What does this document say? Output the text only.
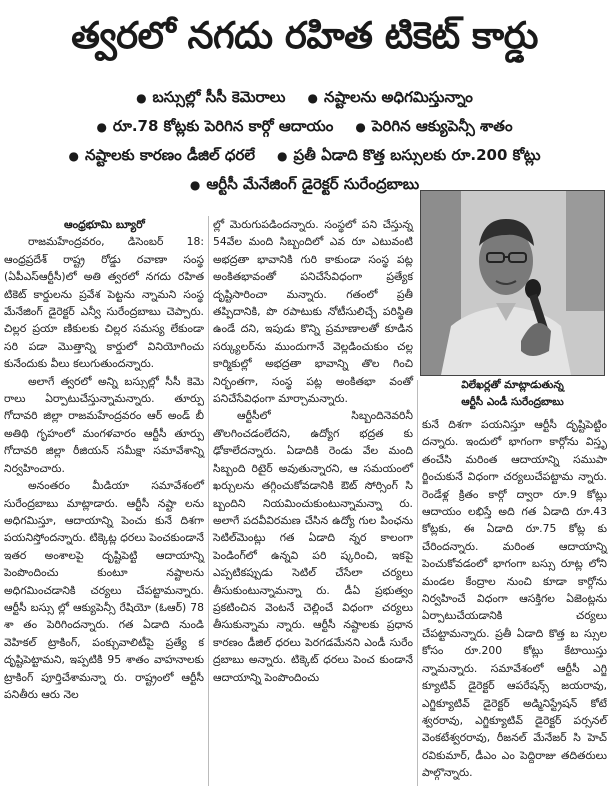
త్వరలో నగదు రహిత టికెట్ కార్డు
● బస్సుల్లో సీసీ కెమెరాలు	● నష్టాలను అధిగమిస్తున్నాం
● రూ.78 కోట్లకు పెరిగిన కార్గో ఆదాయం	● పెరిగిన ఆక్యుపెన్సీ శాతం
● నష్టాలకు కారణం డీజిల్ ధరలే	● ప్రతీ ఏడాది కొత్త బస్సులకు రూ.200 కోట్లు
● ఆర్టీసీ మేనేజింగ్ డైరెక్టర్ సురేంద్రబాబు

ఆంధ్రభూమి బ్యూరో

రాజమహేంద్రవరం, డిసెంబర్ 18: ఆంధ్రప్రదేశ్ రాష్ట్ర రోడ్డు రవాణా సంస్థ (ఏపీఎస్ఆర్టీసీ)లో అతి త్వరలో నగదు రహిత టికెట్ కార్డులను ప్రవేశ పెట్టను న్నామని సంస్థ మేనేజింగ్ డైరెక్టర్ ఎన్వీ సురేంద్రబాబు చెప్పారు. చిల్లర ప్రయా ణికులకు చిల్లర సమస్య లేకుండా సరి పడా మొత్తాన్ని కార్డులో వినియోగించు కునేందుకు వీలు కలుగుతుందన్నారు.

అలాగే త్వరలో అన్ని బస్సుల్లో సీసీ కెమె రాలు ఏర్పాటుచేస్తున్నామన్నారు. తూర్పు గోదావరి జిల్లా రాజమహేంద్రవరం ఆర్ అండ్ బీ అతిథి గృహంలో మంగళవారం ఆర్టీసీ తూర్పు గోదావరి జిల్లా రీజియన్ సమీక్షా సమావేశాన్ని నిర్వహించారు.

అనంతరం మీడియా సమావేశంలో సురేంద్రబాబు మాట్లాడారు. ఆర్టీసీ నష్టా లను అధిగమిస్తూ, ఆదాయాన్ని పెంచు కునే దిశగా పయనిస్తోందన్నారు. టిక్కెట్ల ధరలు పెంచకుండానే ఇతర అంశాలపై దృష్టిపెట్టి ఆదాయాన్ని పెంపొందించు కుంటూ నష్టాలను అధిగమించడానికి చర్యలు చేపట్టామన్నారు. ఆర్టీసీ బస్సు ల్లో ఆక్యుపెన్సీ రేషియో (ఓఆర్) 78 శా తం పెరిగిందన్నారు. గత ఏడాది నుండి వెహికల్ ట్రాకింగ్, పంక్చువాలిటీపై ప్రత్యే క దృష్టిపెట్టామని, ఇప్పటికి 95 శాతం వాహనాలకు ట్రాకింగ్ పూర్తిచేశామన్నా రు. రాష్ట్రంలో ఆర్టీసీ పనితీరు ఆరు నెల

ల్లో మెరుగుపడిందన్నారు. సంస్థలో పని చేస్తున్న 54వేల మంది సిబ్బందిలో ఎవ రూ ఎటువంటి అభద్రతా భావానికి గురి కాకుండా సంస్థ పట్ల అంకితభావంతో పనిచేసేవిధంగా ప్రత్యేక దృష్టిసారించా మన్నారు. గతంలో ప్రతీ తప్పిదానికి, పొ రపాటుకు నోటీసులిచ్చే పరిస్థితి ఉండే దని, ఇపుడు కొన్ని ప్రమాణాలతో కూడిన సర్క్యులర్‌ను ముందుగానే వెల్లడించుకుం చల్ల కార్మికుల్లో అభద్రతా భావాన్ని తొల గించి నిర్భంతగా, సంస్థ పట్ల అంకితభా వంతో పనిచేసేవిధంగా మార్చామన్నారు.

ఆర్టీసీలో సిబ్బందినెవరినీ తొలగించడంలేదని, ఉద్యోగ భద్రత కు ఢోకాలేదన్నారు. ఏడాదికి రెండు వేల మంది సిబ్బంది రిటైర్‌ అవుతున్నారని, ఆ సమయంలో ఖర్చులను తగ్గించుకోవడానికి ఔట్ సోర్సింగ్ సి బ్బందిని నియమించుకుంటున్నామన్నా రు. అలాగే పదవీవిరమణ చేసిన ఉద్యో గుల పింఛను సెటిల్‌మెంట్లు గత ఏడాది న్నర కాలంగా పెండింగ్‌లో ఉన్నవి పరి ష్కరించి, ఇకపై ఎప్పటికప్పుడు సెటిల్ చేసేలా చర్యలు తీసుకుంటున్నామన్నా రు. డీఏ ప్రభుత్వం ప్రకటించిన వెంటనే చెల్లించే విధంగా చర్యలు తీసుకున్నామ న్నారు. ఆర్టీసీ నష్టాలకు ప్రధాన కారణం డీజిల్ ధరలు పెరగడమేనని ఎండీ సురేం ద్రబాబు అన్నారు. టిక్కెట్ ధరలు పెంచ కుండానే ఆదాయాన్ని పెంపొందించు

విలేఖర్లతో మాట్లాడుతున్న
ఆర్టీసీ ఎండీ సురేంద్రబాబు

కునే దిశగా పయనిస్తూ ఆర్టీసీ దృష్టిపెట్టిం దన్నారు. ఇందులో భాగంగా కార్గోను విస్తృ తంచేసి మరింత ఆదాయాన్ని సముపా ర్జించుకునే విధంగా చర్యలుచేపట్టామ న్నారు. రెండేళ్ల క్రితం కార్గో ద్వారా రూ.9 కోట్లు ఆదాయం లభిస్తే అది గత ఏడాది రూ.43 కోట్లకు, ఈ ఏడాది రూ.75 కోట్ల కు చేరిందన్నారు. మరింత ఆదాయాన్ని పెంచుకోవడంలో భాగంగా బస్సు రూట్ల లోని మండల కేంద్రాల నుంచి కూడా కార్గోను నిర్వహించే విధంగా ఆసక్తిగల ఏజెంట్లను ఏర్పాటుచేయడానికి చర్యలు చేపట్టామన్నారు. ప్రతీ ఏడాది కొత్త బ స్సుల కోసం రూ.200 కోట్లు కేటాయిస్తు న్నామన్నారు. సమావేశంలో ఆర్టీసీ ఎగ్జి క్యూటివ్ డైరెక్టర్ ఆపరేషన్స్ జయరావు, ఎగ్జిక్యూటివ్ డైరెక్టర్ అడ్మినిస్ట్రేషన్ కోటే శ్వరరావు, ఎగ్జిక్యూటివ్ డైరెక్టర్ పర్సనల్ వెంకటేశ్వరరావు, రీజనల్ మేనేజర్ సి హెచ్ రవికుమార్, డీఎం ఎం పెద్దిరాజు తదితరులు పాల్గొన్నారు.
